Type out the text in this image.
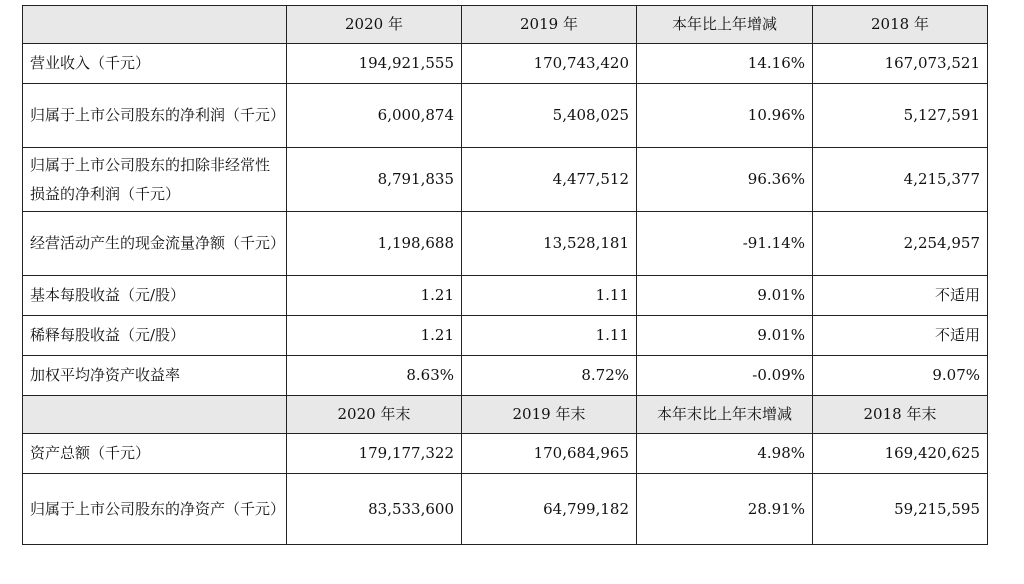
	2020 年	2019 年	本年比上年增减	2018 年
营业收入（千元）	194,921,555	170,743,420	14.16%	167,073,521
归属于上市公司股东的净利润（千元）	6,000,874	5,408,025	10.96%	5,127,591
归属于上市公司股东的扣除非经常性损益的净利润（千元）	8,791,835	4,477,512	96.36%	4,215,377
经营活动产生的现金流量净额（千元）	1,198,688	13,528,181	-91.14%	2,254,957
基本每股收益（元/股）	1.21	1.11	9.01%	不适用
稀释每股收益（元/股）	1.21	1.11	9.01%	不适用
加权平均净资产收益率	8.63%	8.72%	-0.09%	9.07%
	2020 年末	2019 年末	本年末比上年末增减	2018 年末
资产总额（千元）	179,177,322	170,684,965	4.98%	169,420,625
归属于上市公司股东的净资产（千元）	83,533,600	64,799,182	28.91%	59,215,595
